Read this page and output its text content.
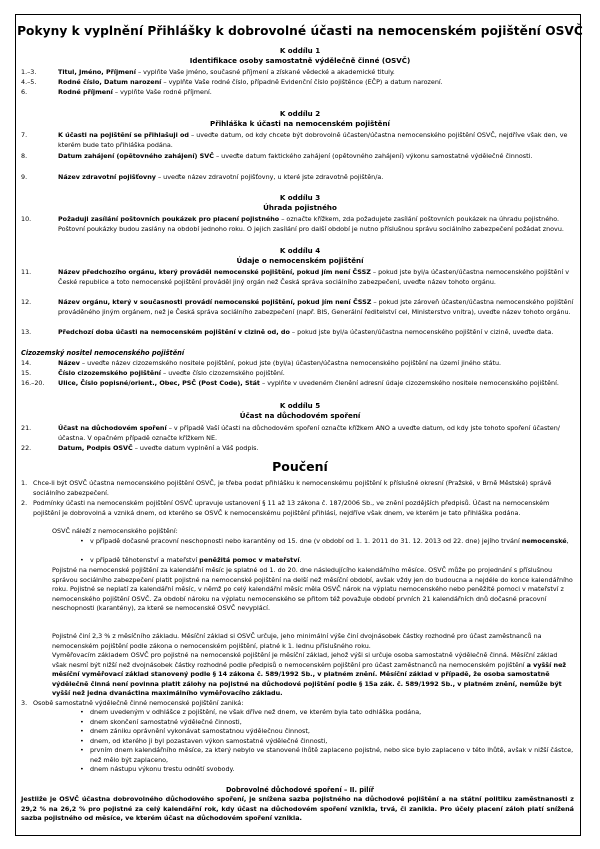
Pokyny k vyplnění Přihlášky k dobrovolné účasti na nemocenském pojištění OSVČ
K oddílu 1
Identifikace osoby samostatně výdělečně činné (OSVČ)
1.–3.	Titul, Jméno, Příjmení – vyplňte Vaše jméno, současné příjmení a získané vědecké a akademické tituly.
4.–5.	Rodné číslo, Datum narození – vyplňte Vaše rodné číslo, případně Evidenční číslo pojištěnce (EČP) a datum narození.
6.	Rodné příjmení – vyplňte Vaše rodné příjmení.
K oddílu 2
Přihláška k účasti na nemocenském pojištění
7.	K účasti na pojištění se přihlašuji od – uveďte datum, od kdy chcete být dobrovolně účasten/účastna nemocenského pojištění OSVČ, nejdříve však den, ve kterém bude tato přihláška podána.
8.	Datum zahájení (opětovného zahájení) SVČ – uveďte datum faktického zahájení (opětovného zahájení) výkonu samostatné výdělečné činnosti.
9.	Název zdravotní pojišťovny – uveďte název zdravotní pojišťovny, u které jste zdravotně pojištěn/a.
K oddílu 3
Úhrada pojistného
10.	Požaduji zasílání poštovních poukázek pro placení pojistného – označte křížkem, zda požadujete zasílání poštovních poukázek na úhradu pojistného. Poštovní poukázky budou zaslány na období jednoho roku. O jejich zasílání pro další období je nutno příslušnou správu sociálního zabezpečení požádat znovu.
K oddílu 4
Údaje o nemocenském pojištění
11.	Název předchozího orgánu, který prováděl nemocenské pojištění, pokud jím není ČSSZ – pokud jste byl/a účasten/účastna nemocenského pojištění v České republice a toto nemocenské pojištění prováděl jiný orgán než Česká správa sociálního zabezpečení, uveďte název tohoto orgánu.
12.	Název orgánu, který v současnosti provádí nemocenské pojištění, pokud jím není ČSSZ – pokud jste zároveň účasten/účastna nemocenského pojištění prováděného jiným orgánem, než je Česká správa sociálního zabezpečení (např. BIS, Generální ředitelství cel, Ministerstvo vnitra), uveďte název tohoto orgánu.
13.	Předchozí doba účasti na nemocenském pojištění v cizině od, do – pokud jste byl/a účasten/účastna nemocenského pojištění v cizině, uveďte data.
Cizozemský nositel nemocenského pojištění
14.	Název – uveďte název cizozemského nositele pojištění, pokud jste (byl/a) účasten/účastna nemocenského pojištění na území jiného státu.
15.	Číslo cizozemského pojištění – uveďte číslo cizozemského pojištění.
16.–20.	Ulice, Číslo popisné/orient., Obec, PSČ (Post Code), Stát – vyplňte v uvedeném členění adresní údaje cizozemského nositele nemocenského pojištění.
K oddílu 5
Účast na důchodovém spoření
21.	Účast na důchodovém spoření – v případě Vaší účasti na důchodovém spoření označte křížkem ANO a uveďte datum, od kdy jste tohoto spoření účasten/účastna. V opačném případě označte křížkem NE.
22.	Datum, Podpis OSVČ – uveďte datum vyplnění a Váš podpis.
Poučení
1. Chce-li být OSVČ účastna nemocenského pojištění OSVČ, je třeba podat přihlášku k nemocenskému pojištění k příslušné okresní (Pražské, v Brně Městské) správě sociálního zabezpečení.
2. Podmínky účasti na nemocenském pojištění OSVČ upravuje ustanovení § 11 až 13 zákona č. 187/2006 Sb., ve znění pozdějších předpisů. Účast na nemocenském pojištění je dobrovolná a vzniká dnem, od kterého se OSVČ k nemocenskému pojištění přihlásí, nejdříve však dnem, ve kterém je tato přihláška podána.
OSVČ náleží z nemocenského pojištění:
• v případě dočasné pracovní neschopnosti nebo karantény od 15. dne (v období od 1. 1. 2011 do 31. 12. 2013 od 22. dne) jejího trvání nemocenské,
• v případě těhotenství a mateřství peněžitá pomoc v mateřství.
Pojistné na nemocenské pojištění za kalendářní měsíc je splatné od 1. do 20. dne následujícího kalendářního měsíce. OSVČ může po projednání s příslušnou správou sociálního zabezpečení platit pojistné na nemocenské pojištění na delší než měsíční období, avšak vždy jen do budoucna a nejdéle do konce kalendářního roku. Pojistné se neplatí za kalendářní měsíc, v němž po celý kalendářní měsíc měla OSVČ nárok na výplatu nemocenského nebo peněžité pomoci v mateřství z nemocenského pojištění OSVČ. Za období nároku na výplatu nemocenského se přitom též považuje období prvních 21 kalendářních dnů dočasné pracovní neschopnosti (karantény), za které se nemocenské OSVČ nevyplácí.
Pojistné činí 2,3 % z měsíčního základu. Měsíční základ si OSVČ určuje, jeho minimální výše činí dvojnásobek částky rozhodné pro účast zaměstnanců na nemocenském pojištění podle zákona o nemocenském pojištění, platné k 1. lednu příslušného roku.
Vyměřovacím základem OSVČ pro pojistné na nemocenské pojištění je měsíční základ, jehož výši si určuje osoba samostatně výdělečně činná. Měsíční základ však nesmí být nižší než dvojnásobek částky rozhodné podle předpisů o nemocenském pojištění pro účast zaměstnanců na nemocenském pojištění a vyšší než měsíční vyměřovací základ stanovený podle § 14 zákona č. 589/1992 Sb., v platném znění. Měsíční základ v případě, že osoba samostatně výdělečně činná není povinna platit zálohy na pojistné na důchodové pojištění podle § 15a zák. č. 589/1992 Sb., v platném znění, nemůže být vyšší než jedna dvanáctina maximálního vyměřovacího základu.
3. Osobě samostatně výdělečně činné nemocenské pojištění zaniká:
• dnem uvedeným v odhlášce z pojištění, ne však dříve než dnem, ve kterém byla tato odhláška podána,
• dnem skončení samostatné výdělečné činnosti,
• dnem zániku oprávnění vykonávat samostatnou výdělečnou činnost,
• dnem, od kterého ji byl pozastaven výkon samostatné výdělečné činnosti,
• prvním dnem kalendářního měsíce, za který nebylo ve stanovené lhůtě zaplaceno pojistné, nebo sice bylo zaplaceno v této lhůtě, avšak v nižší částce, než mělo být zaplaceno,
• dnem nástupu výkonu trestu odnětí svobody.
Dobrovolné důchodové spoření – II. pilíř
Jestliže je OSVČ účastna dobrovolného důchodového spoření, je snížena sazba pojistného na důchodové pojištění a na státní politiku zaměstnanosti z 29,2 % na 26,2 % pro pojistné za celý kalendářní rok, kdy účast na důchodovém spoření vznikla, trvá, či zanikla. Pro účely placení záloh platí snížená sazba pojistného od měsíce, ve kterém účast na důchodovém spoření vznikla.
